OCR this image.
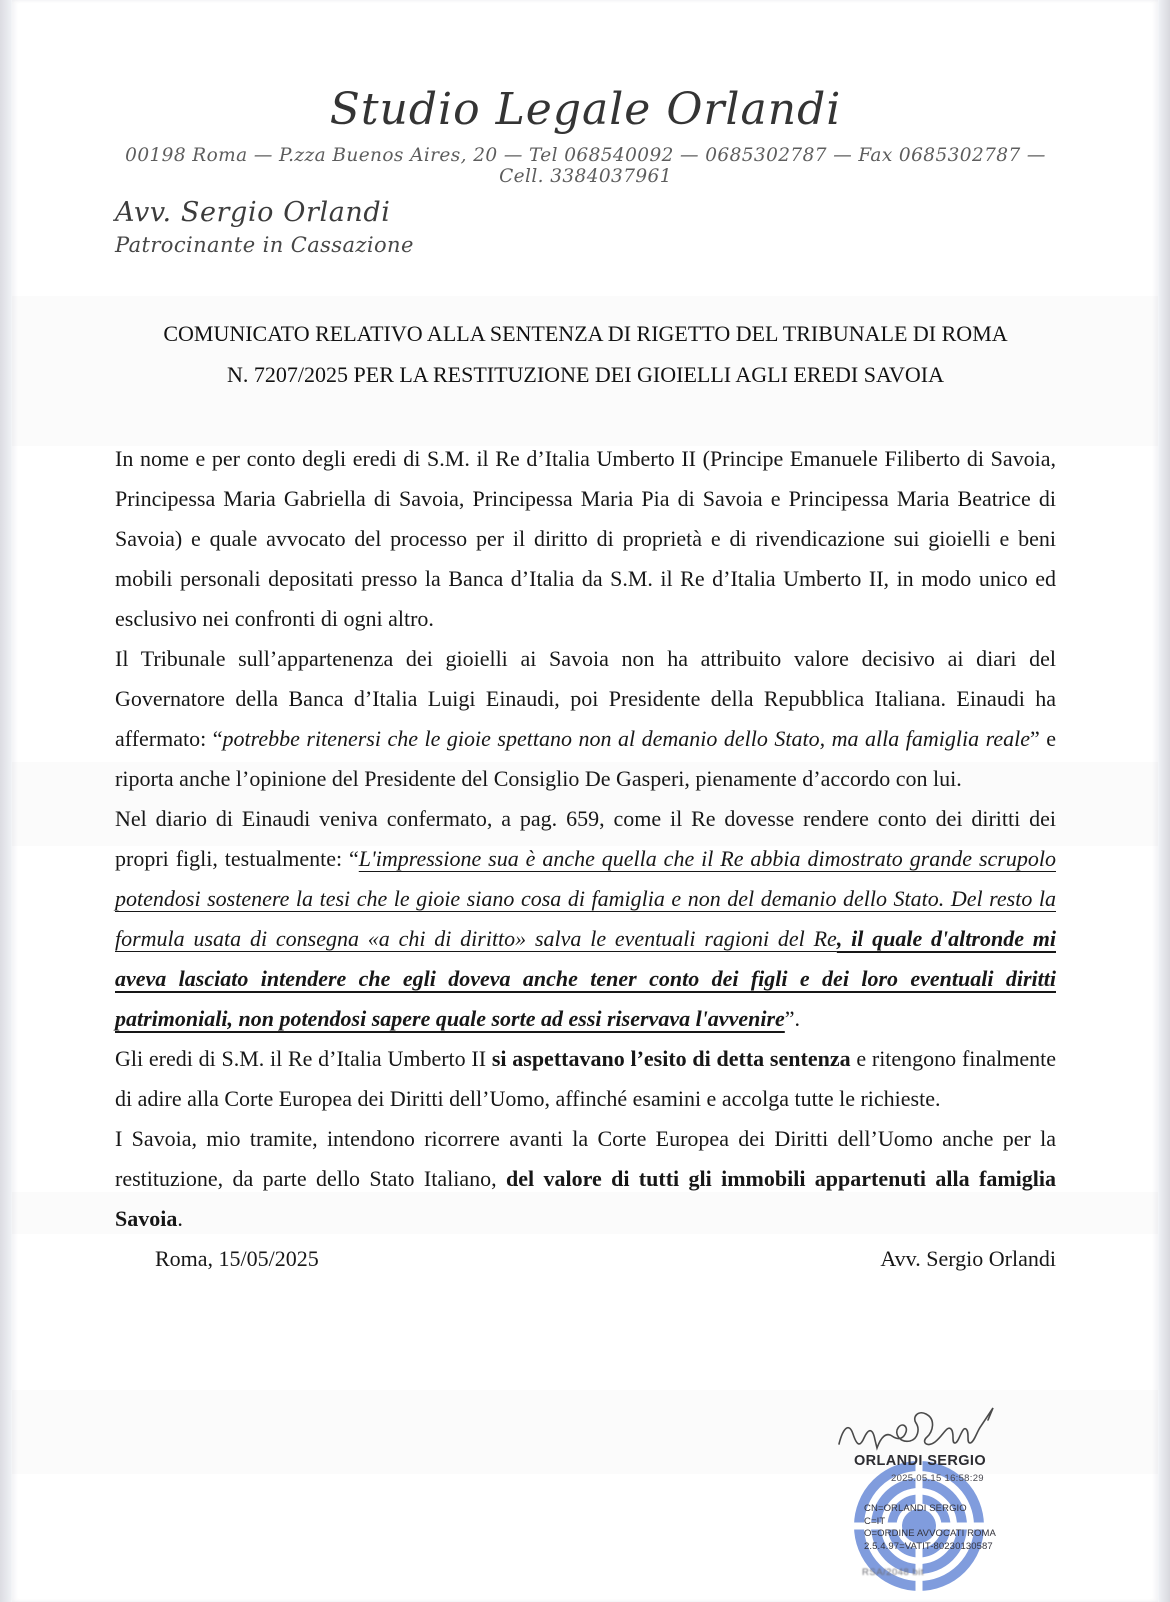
Studio Legale Orlandi
00198 Roma — P.zza Buenos Aires, 20 — Tel 068540092 — 0685302787 — Fax 0685302787 — Cell. 3384037961
Avv. Sergio Orlandi
Patrocinante in Cassazione
COMUNICATO RELATIVO ALLA SENTENZA DI RIGETTO DEL TRIBUNALE DI ROMA
N. 7207/2025 PER LA RESTITUZIONE DEI GIOIELLI AGLI EREDI SAVOIA

In nome e per conto degli eredi di S.M. il Re d’Italia Umberto II (Principe Emanuele Filiberto di Savoia, Principessa Maria Gabriella di Savoia, Principessa Maria Pia di Savoia e Principessa Maria Beatrice di Savoia) e quale avvocato del processo per il diritto di proprietà e di rivendicazione sui gioielli e beni mobili personali depositati presso la Banca d’Italia da S.M. il Re d’Italia Umberto II, in modo unico ed esclusivo nei confronti di ogni altro.

Il Tribunale sull’appartenenza dei gioielli ai Savoia non ha attribuito valore decisivo ai diari del Governatore della Banca d’Italia Luigi Einaudi, poi Presidente della Repubblica Italiana. Einaudi ha affermato: “potrebbe ritenersi che le gioie spettano non al demanio dello Stato, ma alla famiglia reale” e riporta anche l’opinione del Presidente del Consiglio De Gasperi, pienamente d’accordo con lui.

Nel diario di Einaudi veniva confermato, a pag. 659, come il Re dovesse rendere conto dei diritti dei propri figli, testualmente: “L'impressione sua è anche quella che il Re abbia dimostrato grande scrupolo potendosi sostenere la tesi che le gioie siano cosa di famiglia e non del demanio dello Stato. Del resto la formula usata di consegna «a chi di diritto» salva le eventuali ragioni del Re, il quale d'altronde mi aveva lasciato intendere che egli doveva anche tener conto dei figli e dei loro eventuali diritti patrimoniali, non potendosi sapere quale sorte ad essi riservava l'avvenire”.

Gli eredi di S.M. il Re d’Italia Umberto II si aspettavano l’esito di detta sentenza e ritengono finalmente di adire alla Corte Europea dei Diritti dell’Uomo, affinché esamini e accolga tutte le richieste.

I Savoia, mio tramite, intendono ricorrere avanti la Corte Europea dei Diritti dell’Uomo anche per la restituzione, da parte dello Stato Italiano, del valore di tutti gli immobili appartenuti alla famiglia Savoia.

Roma, 15/05/2025	Avv. Sergio Orlandi
ORLANDI SERGIO
2025.05.15 16:58:29
CN=ORLANDI SERGIO
C=IT
O=ORDINE AVVOCATI ROMA
2.5.4.97=VATIT-80230130587
RSA/2048 bit
